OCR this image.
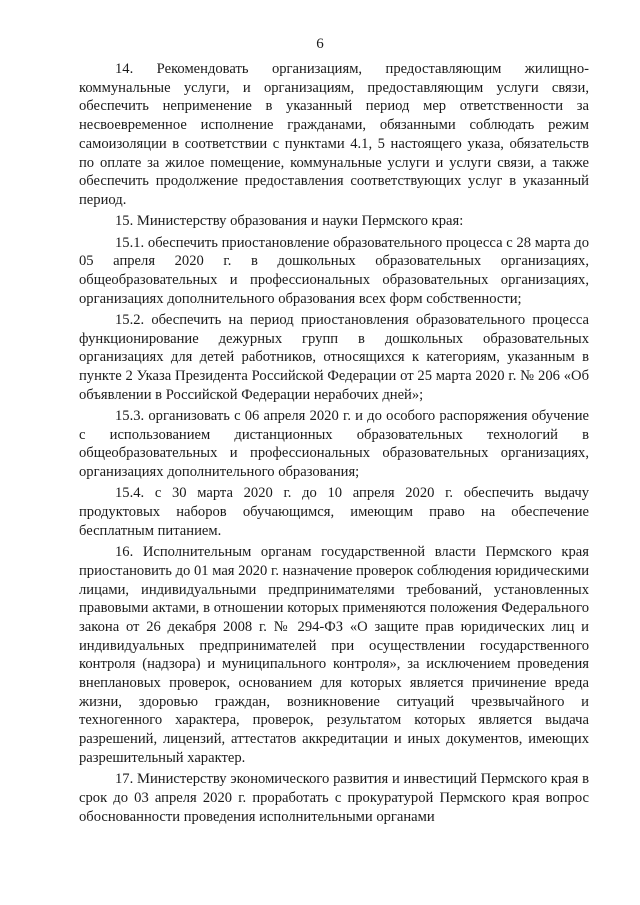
6

14. Рекомендовать организациям, предоставляющим жилищно-коммунальные услуги, и организациям, предоставляющим услуги связи, обеспечить неприменение в указанный период мер ответственности за несвоевременное исполнение гражданами, обязанными соблюдать режим самоизоляции в соответствии с пунктами 4.1, 5 настоящего указа, обязательств по оплате за жилое помещение, коммунальные услуги и услуги связи, а также обеспечить продолжение предоставления соответствующих услуг в указанный период.

15. Министерству образования и науки Пермского края:

15.1. обеспечить приостановление образовательного процесса с 28 марта до 05 апреля 2020 г. в дошкольных образовательных организациях, общеобразовательных и профессиональных образовательных организациях, организациях дополнительного образования всех форм собственности;

15.2. обеспечить на период приостановления образовательного процесса функционирование дежурных групп в дошкольных образовательных организациях для детей работников, относящихся к категориям, указанным в пункте 2 Указа Президента Российской Федерации от 25 марта 2020 г. № 206 «Об объявлении в Российской Федерации нерабочих дней»;

15.3. организовать с 06 апреля 2020 г. и до особого распоряжения обучение с использованием дистанционных образовательных технологий в общеобразовательных и профессиональных образовательных организациях, организациях дополнительного образования;

15.4. с 30 марта 2020 г. до 10 апреля 2020 г. обеспечить выдачу продуктовых наборов обучающимся, имеющим право на обеспечение бесплатным питанием.

16. Исполнительным органам государственной власти Пермского края приостановить до 01 мая 2020 г. назначение проверок соблюдения юридическими лицами, индивидуальными предпринимателями требований, установленных правовыми актами, в отношении которых применяются положения Федерального закона от 26 декабря 2008 г. № 294-ФЗ «О защите прав юридических лиц и индивидуальных предпринимателей при осуществлении государственного контроля (надзора) и муниципального контроля», за исключением проведения внеплановых проверок, основанием для которых является причинение вреда жизни, здоровью граждан, возникновение ситуаций чрезвычайного и техногенного характера, проверок, результатом которых является выдача разрешений, лицензий, аттестатов аккредитации и иных документов, имеющих разрешительный характер.

17. Министерству экономического развития и инвестиций Пермского края в срок до 03 апреля 2020 г. проработать с прокуратурой Пермского края вопрос обоснованности проведения исполнительными органами
